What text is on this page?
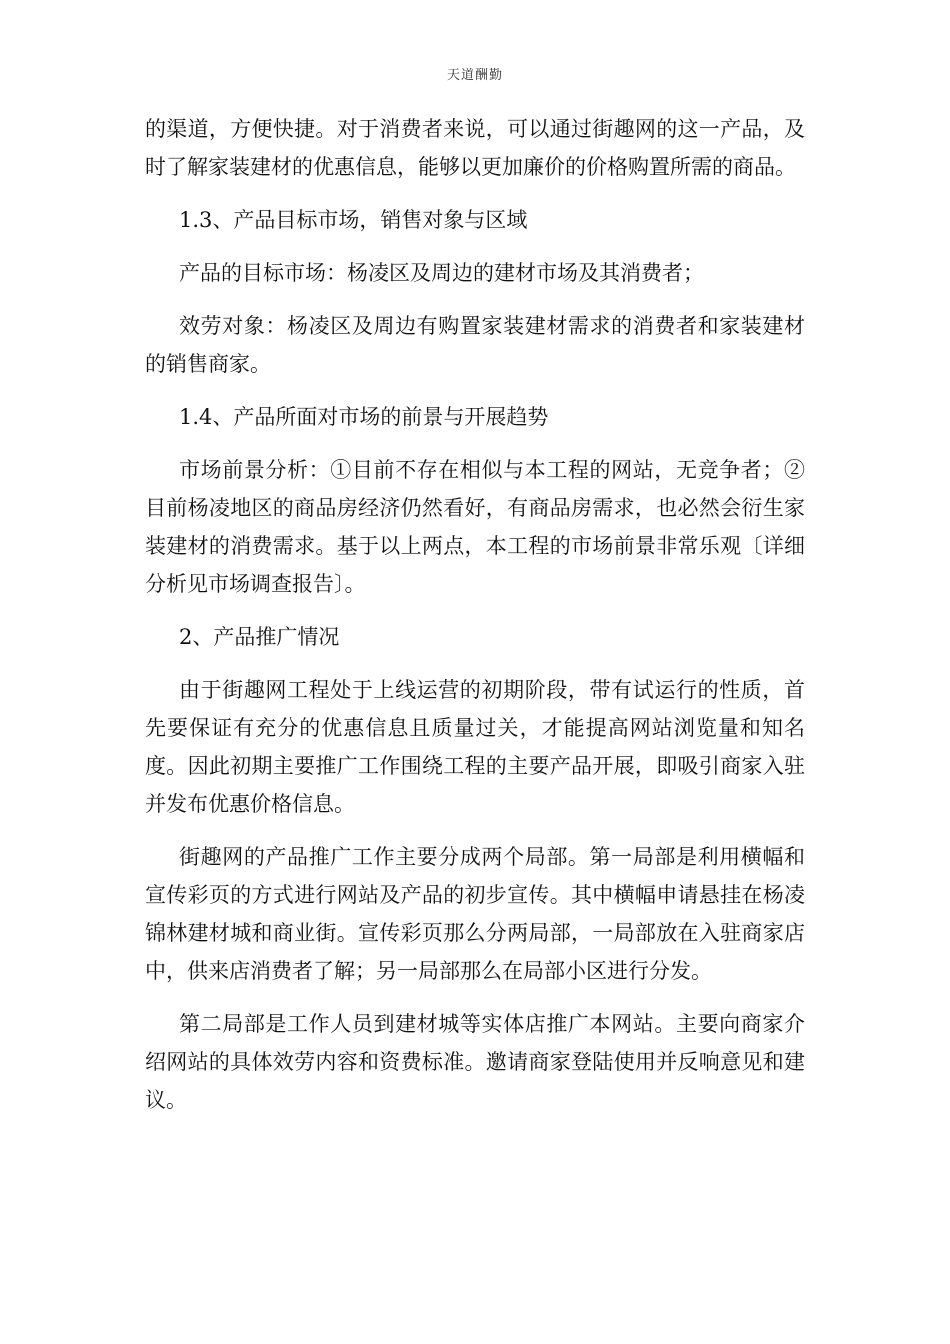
天道酬勤

的渠道，方便快捷。对于消费者来说，可以通过街趣网的这一产品，及时了解家装建材的优惠信息，能够以更加廉价的价格购置所需的商品。

1.3、产品目标市场，销售对象与区域

产品的目标市场：杨凌区及周边的建材市场及其消费者；

效劳对象：杨凌区及周边有购置家装建材需求的消费者和家装建材的销售商家。

1.4、产品所面对市场的前景与开展趋势

市场前景分析：①目前不存在相似与本工程的网站，无竞争者；②目前杨凌地区的商品房经济仍然看好，有商品房需求，也必然会衍生家装建材的消费需求。基于以上两点，本工程的市场前景非常乐观〔详细分析见市场调查报告〕。

2、产品推广情况

由于街趣网工程处于上线运营的初期阶段，带有试运行的性质，首先要保证有充分的优惠信息且质量过关，才能提高网站浏览量和知名度。因此初期主要推广工作围绕工程的主要产品开展，即吸引商家入驻并发布优惠价格信息。

街趣网的产品推广工作主要分成两个局部。第一局部是利用横幅和宣传彩页的方式进行网站及产品的初步宣传。其中横幅申请悬挂在杨凌锦林建材城和商业街。宣传彩页那么分两局部，一局部放在入驻商家店中，供来店消费者了解；另一局部那么在局部小区进行分发。

第二局部是工作人员到建材城等实体店推广本网站。主要向商家介绍网站的具体效劳内容和资费标准。邀请商家登陆使用并反响意见和建议。
